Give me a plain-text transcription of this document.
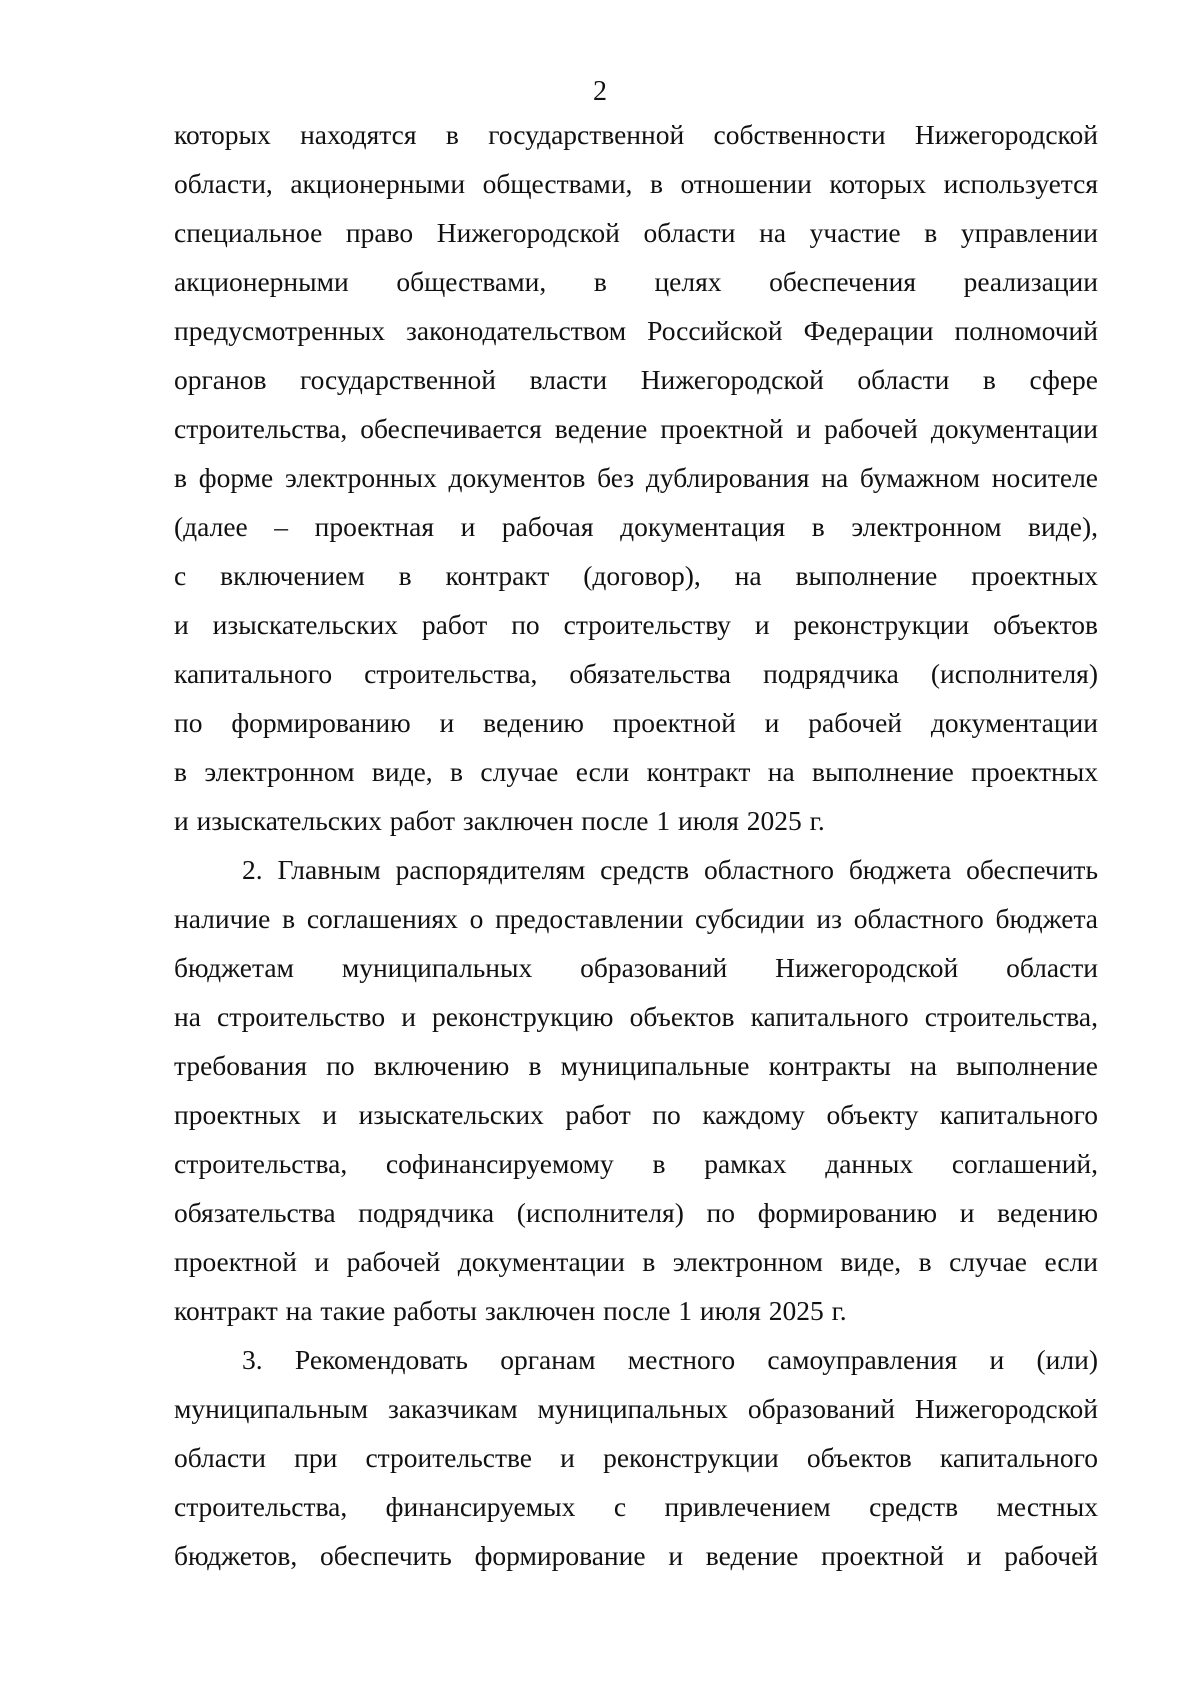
2

которых находятся в государственной собственности Нижегородской
области, акционерными обществами, в отношении которых используется
специальное право Нижегородской области на участие в управлении
акционерными обществами, в целях обеспечения реализации
предусмотренных законодательством Российской Федерации полномочий
органов государственной власти Нижегородской области в сфере
строительства, обеспечивается ведение проектной и рабочей документации
в форме электронных документов без дублирования на бумажном носителе
(далее – проектная и рабочая документация в электронном виде),
с включением в контракт (договор), на выполнение проектных
и изыскательских работ по строительству и реконструкции объектов
капитального строительства, обязательства подрядчика (исполнителя)
по формированию и ведению проектной и рабочей документации
в электронном виде, в случае если контракт на выполнение проектных
и изыскательских работ заключен после 1 июля 2025 г.

2. Главным распорядителям средств областного бюджета обеспечить
наличие в соглашениях о предоставлении субсидии из областного бюджета
бюджетам муниципальных образований Нижегородской области
на строительство и реконструкцию объектов капитального строительства,
требования по включению в муниципальные контракты на выполнение
проектных и изыскательских работ по каждому объекту капитального
строительства, софинансируемому в рамках данных соглашений,
обязательства подрядчика (исполнителя) по формированию и ведению
проектной и рабочей документации в электронном виде, в случае если
контракт на такие работы заключен после 1 июля 2025 г.

3. Рекомендовать органам местного самоуправления и (или)
муниципальным заказчикам муниципальных образований Нижегородской
области при строительстве и реконструкции объектов капитального
строительства, финансируемых с привлечением средств местных
бюджетов, обеспечить формирование и ведение проектной и рабочей
